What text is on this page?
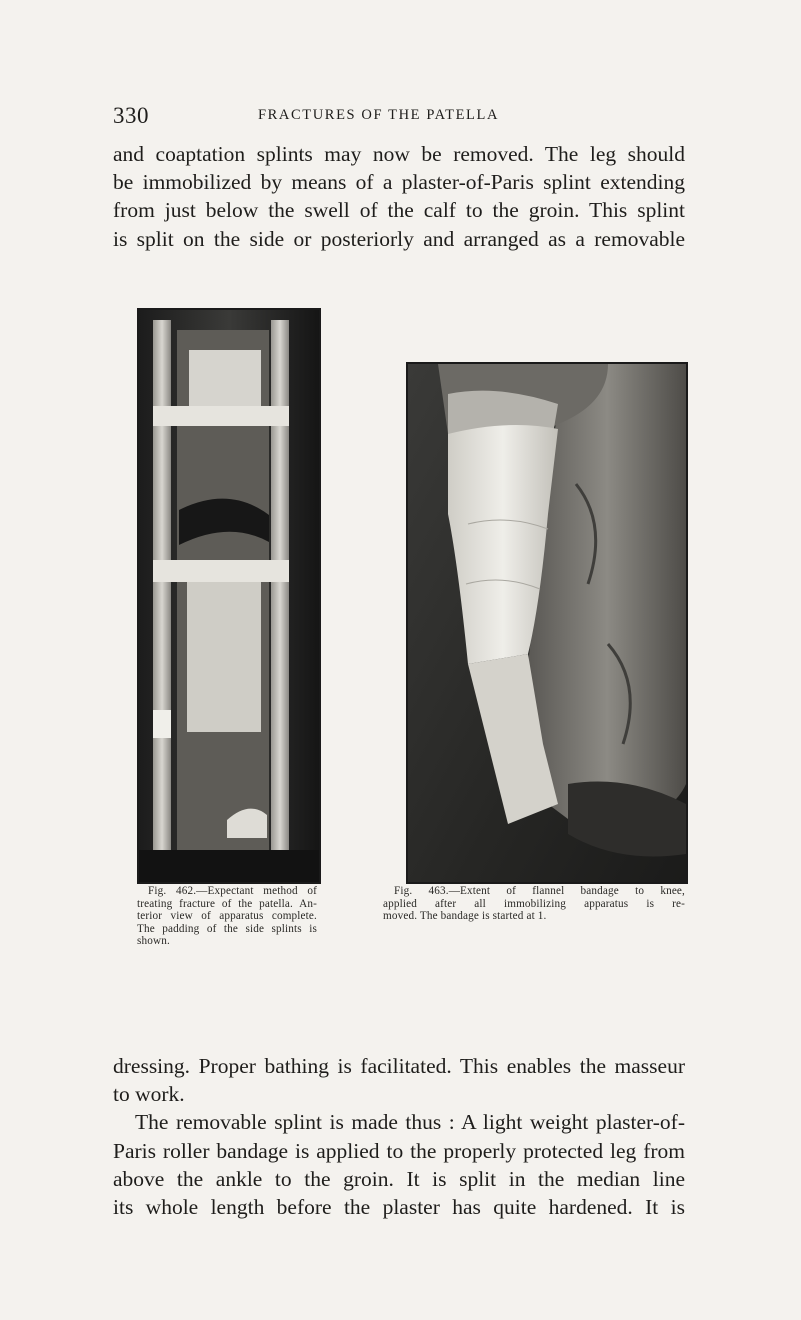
330	FRACTURES OF THE PATELLA

and coaptation splints may now be removed. The leg should
be immobilized by means of a plaster-of-Paris splint extending
from just below the swell of the calf to the groin. This splint
is split on the side or posteriorly and arranged as a removable

Fig. 462.—Expectant method of
treating fracture of the patella. An-
terior view of apparatus complete.
The padding of the side splints is
shown.
Fig. 463.—Extent of flannel bandage to knee,
applied after all immobilizing apparatus is re-
moved. The bandage is started at 1.

dressing. Proper bathing is facilitated. This enables the masseur
to work.
The removable splint is made thus : A light weight plaster-of-
Paris roller bandage is applied to the properly protected leg from
above the ankle to the groin. It is split in the median line
its whole length before the plaster has quite hardened. It is
